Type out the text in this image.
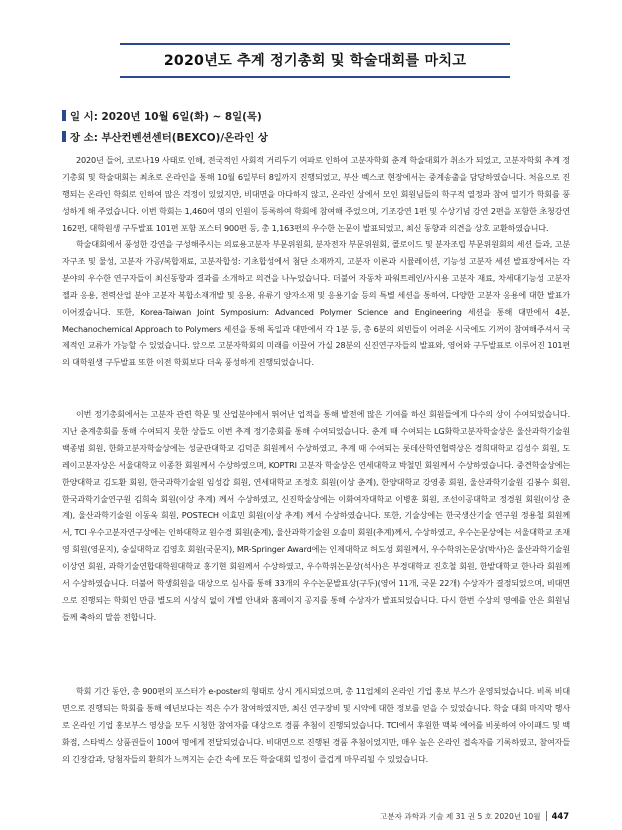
2020년도 추계 정기총회 및 학술대회를 마치고
일 시: 2020년 10월 6일(화) ~ 8일(목)
장 소: 부산컨벤션센터(BEXCO)/온라인 상

2020년 들어, 코로나19 사태로 인해, 전국적인 사회적 거리두기 여파로 인하여 고분자학회 춘계 학술대회가 취소가 되었고, 고분자학회 추계 정기총회 및 학술대회는 최초로 온라인을 통해 10월 6일부터 8일까지 진행되었고, 부산 벡스코 현장에서는 중계송출을 담당하였습니다. 처음으로 진행되는 온라인 학회로 인하여 많은 걱정이 있었지만, 비대면을 마다하지 않고, 온라인 상에서 모인 회원님들의 학구적 열정과 참여 열기가 학회를 풍성하게 해 주었습니다. 이번 학회는 1,460여 명의 인원이 등록하여 학회에 참여해 주었으며, 기조강연 1편 및 수상기념 강연 2편을 포함한 초청강연 162편, 대학원생 구두발표 101편 포함 포스터 900편 등, 총 1,163편의 우수한 논문이 발표되었고, 최신 동향과 의견을 상호 교환하였습니다.

학술대회에서 풍성한 강연을 구성해주시는 의료용고분자 부문위원회, 분자전자 부문위원회, 콜로이드 및 분자조립 부문위원회의 세션 들과, 고분자구조 및 물성, 고분자 가공/복합재료, 고분자합성: 기초합성에서 첨단 소재까지, 고분자 이론과 시뮬레이션, 기능성 고분자 세션 발표장에서는 각 분야의 우수한 연구자들이 최신동향과 결과를 소개하고 의견을 나누었습니다. 더불어 자동차 파워트레인/사시용 고분자 재료, 차세대기능성 고분자젤과 응용, 전력산업 분야 고분자 복합소재개발 및 응용, 유류기 양자소재 및 응용기술 등의 특별 세션을 통하여, 다양한 고분자 응용에 대한 발표가 이어졌습니다. 또한, Korea-Taiwan Joint Symposium: Advanced Polymer Science and Engineering 세션을 통해 대만에서 4분, Mechanochemical Approach to Polymers 세션을 통해 독일과 대만에서 각 1분 등, 총 6분의 외빈들이 어려운 시국에도 기꺼이 참여해주셔서 국제적인 교류가 가능할 수 있었습니다. 앞으로 고분자학회의 미래를 이끌어 가실 28분의 신진연구자들의 발표와, 영어와 구두발표로 이루어진 101편의 대학원생 구두발표 또한 이전 학회보다 더욱 풍성하게 진행되었습니다.

이번 정기총회에서는 고분자 관련 학문 및 산업분야에서 뛰어난 업적을 통해 발전에 많은 기여를 하신 회원들에게 다수의 상이 수여되었습니다. 지난 춘계총회를 통해 수여되지 못한 상들도 이번 추계 정기총회를 통해 수여되었습니다. 춘계 때 수여되는 LG화학고분자학술상은 울산과학기술원 백종범 회원, 한화고분자학술상에는 성균관대학교 김덕준 회원께서 수상하였고, 추계 때 수여되는 롯데산학연협력상은 경희대학교 김성수 회원, 도레이고분자상은 서울대학교 이종찬 회원께서 수상하였으며, KOPTRI 고분자 학술상은 연세대학교 박철민 회원께서 수상하였습니다. 중견학술상에는 한양대학교 김도환 회원, 한국과학기술원 임성갑 회원, 연세대학교 조정호 회원(이상 춘계), 한양대학교 강영종 회원, 울산과학기술원 김봉수 회원, 한국과학기술연구원 김희숙 회원(이상 추계) 께서 수상하였고, 신진학술상에는 이화여자대학교 이병훈 회원, 조선이공대학교 정경원 회원(이상 춘계), 울산과학기술원 이동욱 회원, POSTECH 이효민 회원(이상 추계) 께서 수상하였습니다. 또한, 기술상에는 한국생산기술 연구원 정용철 회원께서, TCI 우수고분자연구상에는 인하대학교 원수경 회원(춘계), 울산과학기술원 오솔미 회원(추계)께서, 수상하였고, 우수논문상에는 서울대학교 조재영 회원(영문지), 숭실대학교 김영호 회원(국문지), MR-Springer Award에는 인제대학교 허도성 회원께서, 우수학위논문상(박사)은 울산과학기술원 이상연 회원, 과학기술연합대학원대학교 홍기현 회원께서 수상하였고, 우수학위논문상(석사)은 부경대학교 진호철 회원, 한밭대학교 한나라 회원께서 수상하였습니다. 더불어 학생회원을 대상으로 심사를 통해 33개의 우수논문발표상(구두)(영어 11개, 국문 22개) 수상자가 결정되었으며, 비대면으로 진행되는 학회인 만큼 별도의 시상식 없이 개별 안내와 홈페이지 공지를 통해 수상자가 발표되었습니다. 다시 한번 수상의 영예를 안은 회원님들께 축하의 말씀 전합니다.

학회 기간 동안, 총 900편의 포스터가 e-poster의 형태로 상시 게시되었으며, 총 11업체의 온라인 기업 홍보 부스가 운영되었습니다. 비록 비대면으로 진행되는 학회를 통해 예년보다는 적은 수가 참여하였지만, 최신 연구장비 및 시약에 대한 정보를 얻을 수 있었습니다. 학술 대회 마지막 행사로 온라인 기업 홍보부스 영상을 모두 시청한 참여자를 대상으로 경품 추첨이 진행되었습니다. TCI에서 후원한 맥북 에어를 비롯하여 아이패드 및 백화점, 스타벅스 상품권들이 100여 명에게 전달되었습니다. 비대면으로 진행된 경품 추첨이었지만, 매우 높은 온라인 접속자를 기록하였고, 참여자들의 긴장감과, 당첨자들의 환희가 느껴지는 순간 속에 모든 학술대회 일정이 즐겁게 마무리될 수 있었습니다.

고분자 과학과 기술 제 31 권 5 호 2020년 10월 447
